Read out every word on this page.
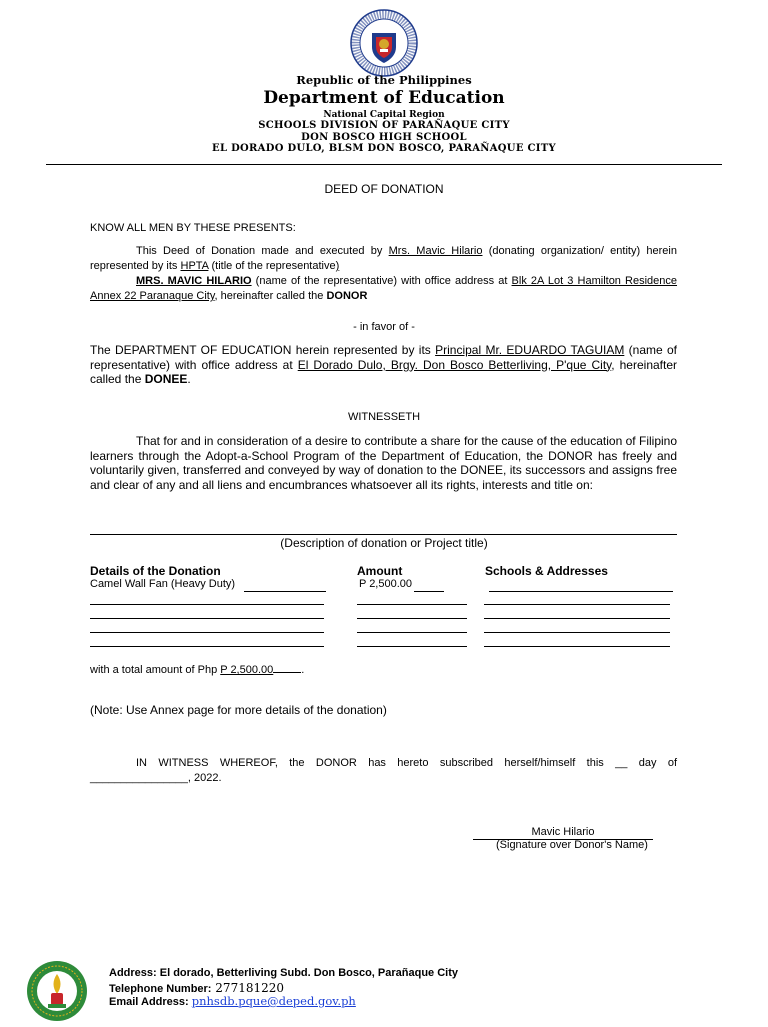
Republic of the Philippines
Department of Education
National Capital Region
SCHOOLS DIVISION OF PARAÑAQUE CITY
DON BOSCO HIGH SCHOOL
EL DORADO DULO, BLSM DON BOSCO, PARAÑAQUE CITY
DEED OF DONATION
KNOW ALL MEN BY THESE PRESENTS:
This Deed of Donation made and executed by Mrs. Mavic Hilario (donating organization/ entity) herein represented by its HPTA (title of the representative)
MRS. MAVIC HILARIO (name of the representative) with office address at Blk 2A Lot 3 Hamilton Residence Annex 22 Paranaque City, hereinafter called the DONOR
- in favor of -
The DEPARTMENT OF EDUCATION herein represented by its Principal Mr. EDUARDO TAGUIAM (name of representative) with office address at El Dorado Dulo, Brgy. Don Bosco Betterliving, P'que City, hereinafter called the DONEE.
WITNESSETH
That for and in consideration of a desire to contribute a share for the cause of the education of Filipino learners through the Adopt-a-School Program of the Department of Education, the DONOR has freely and voluntarily given, transferred and conveyed by way of donation to the DONEE, its successors and assigns free and clear of any and all liens and encumbrances whatsoever all its rights, interests and title on:
(Description of donation or Project title)
Details of the Donation	Amount	Schools & Addresses
Camel Wall Fan (Heavy Duty)	P 2,500.00
with a total amount of Php P 2,500.00	.
(Note: Use Annex page for more details of the donation)
IN WITNESS WHEREOF, the DONOR has hereto subscribed herself/himself this __ day of
________________, 2022.
Mavic Hilario
(Signature over Donor's Name)
Address: El dorado, Betterliving Subd. Don Bosco, Parañaque City
Telephone Number: 277181220
Email Address: pnhsdb.pque@deped.gov.ph
